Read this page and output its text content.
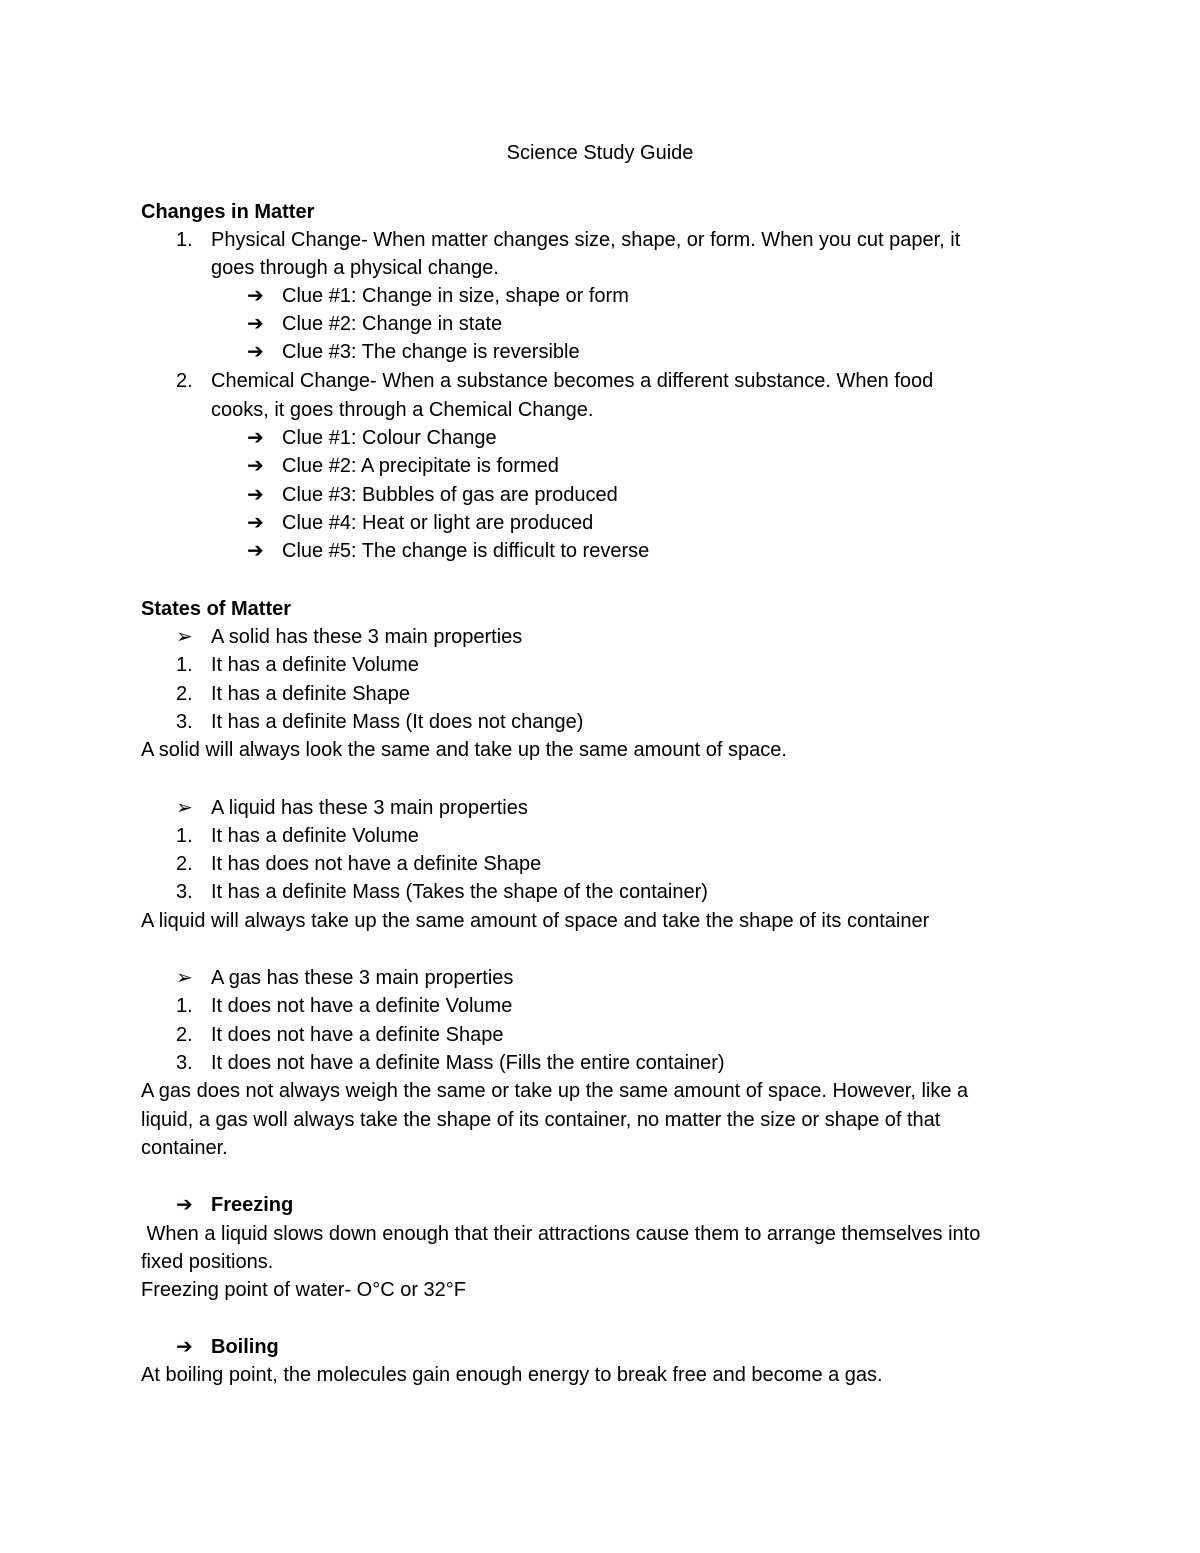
Science Study Guide
Changes in Matter
1. Physical Change- When matter changes size, shape, or form. When you cut paper, it
goes through a physical change.
➔ Clue #1: Change in size, shape or form
➔ Clue #2: Change in state
➔ Clue #3: The change is reversible
2. Chemical Change- When a substance becomes a different substance. When food
cooks, it goes through a Chemical Change.
➔ Clue #1: Colour Change
➔ Clue #2: A precipitate is formed
➔ Clue #3: Bubbles of gas are produced
➔ Clue #4: Heat or light are produced
➔ Clue #5: The change is difficult to reverse
States of Matter
➢ A solid has these 3 main properties
1. It has a definite Volume
2. It has a definite Shape
3. It has a definite Mass (It does not change)
A solid will always look the same and take up the same amount of space.
➢ A liquid has these 3 main properties
1. It has a definite Volume
2. It has does not have a definite Shape
3. It has a definite Mass (Takes the shape of the container)
A liquid will always take up the same amount of space and take the shape of its container
➢ A gas has these 3 main properties
1. It does not have a definite Volume
2. It does not have a definite Shape
3. It does not have a definite Mass (Fills the entire container)
A gas does not always weigh the same or take up the same amount of space. However, like a
liquid, a gas woll always take the shape of its container, no matter the size or shape of that
container.
➔ Freezing
When a liquid slows down enough that their attractions cause them to arrange themselves into
fixed positions.
Freezing point of water- O°C or 32°F
➔ Boiling
At boiling point, the molecules gain enough energy to break free and become a gas.
